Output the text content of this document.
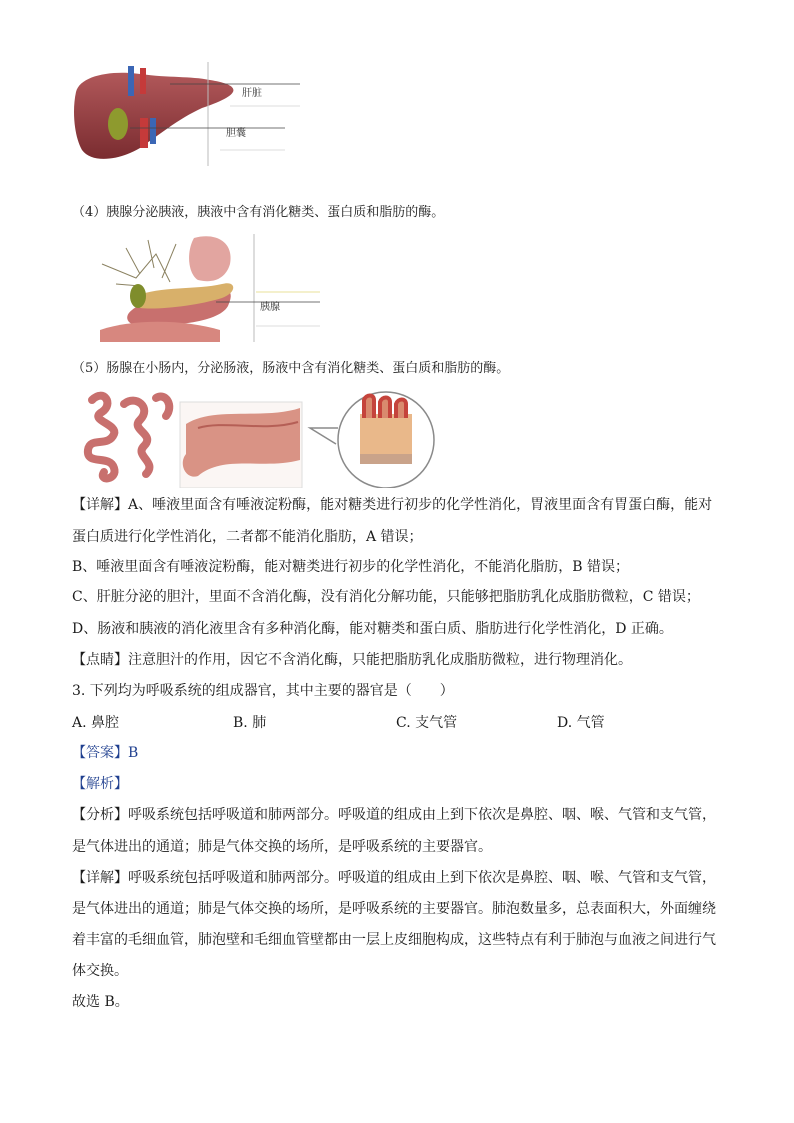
肝脏
胆囊
（4）胰腺分泌胰液，胰液中含有消化糖类、蛋白质和脂肪的酶。
胰腺
（5）肠腺在小肠内，分泌肠液，肠液中含有消化糖类、蛋白质和脂肪的酶。
【详解】A、唾液里面含有唾液淀粉酶，能对糖类进行初步的化学性消化，胃液里面含有胃蛋白酶，能对
蛋白质进行化学性消化，二者都不能消化脂肪，A 错误；
B、唾液里面含有唾液淀粉酶，能对糖类进行初步的化学性消化，不能消化脂肪，B 错误；
C、肝脏分泌的胆汁，里面不含消化酶，没有消化分解功能，只能够把脂肪乳化成脂肪微粒，C 错误；
D、肠液和胰液的消化液里含有多种消化酶，能对糖类和蛋白质、脂肪进行化学性消化，D 正确。
【点睛】注意胆汁的作用，因它不含消化酶，只能把脂肪乳化成脂肪微粒，进行物理消化。
3. 下列均为呼吸系统的组成器官，其中主要的器官是（　　）
A. 鼻腔	B. 肺	C. 支气管	D. 气管
【答案】B
【解析】
【分析】呼吸系统包括呼吸道和肺两部分。呼吸道的组成由上到下依次是鼻腔、咽、喉、气管和支气管，
是气体进出的通道；肺是气体交换的场所，是呼吸系统的主要器官。
【详解】呼吸系统包括呼吸道和肺两部分。呼吸道的组成由上到下依次是鼻腔、咽、喉、气管和支气管，
是气体进出的通道；肺是气体交换的场所，是呼吸系统的主要器官。肺泡数量多，总表面积大，外面缠绕
着丰富的毛细血管，肺泡壁和毛细血管壁都由一层上皮细胞构成，这些特点有利于肺泡与血液之间进行气
体交换。
故选 B。
